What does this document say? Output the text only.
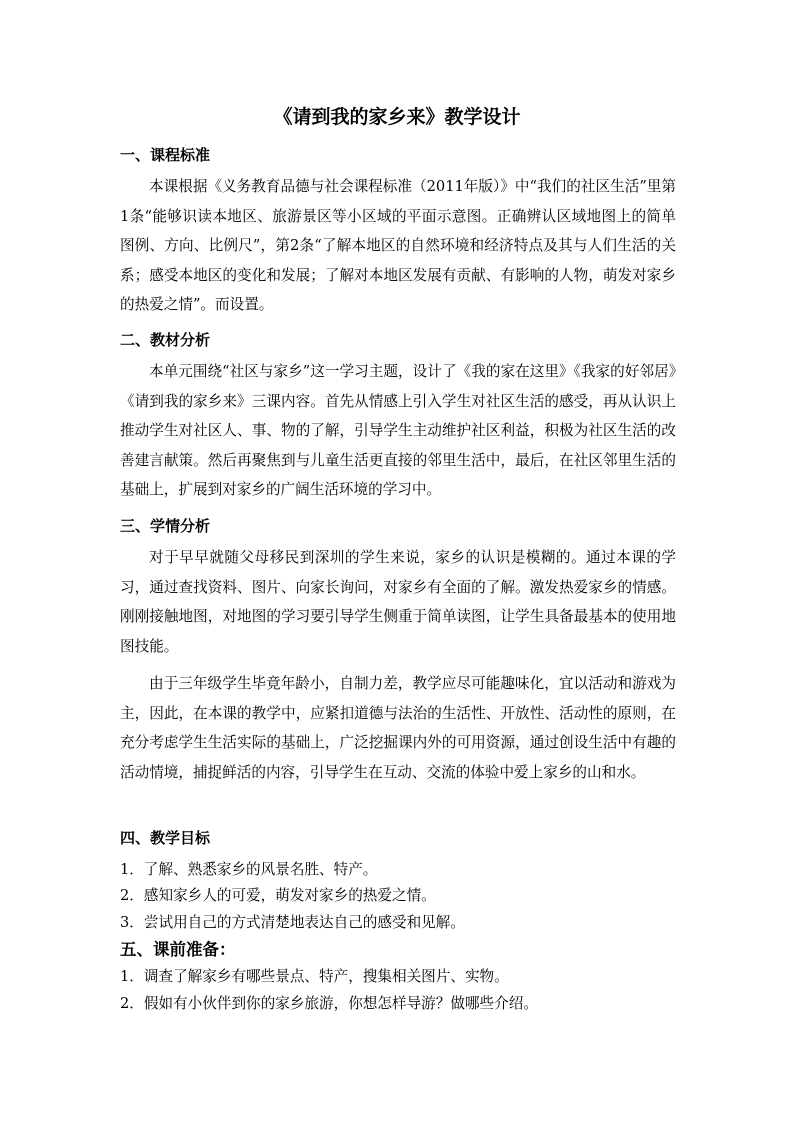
《请到我的家乡来》教学设计
一、课程标准

本课根据《义务教育品德与社会课程标准（2011年版）》中“我们的社区生活”里第1条“能够识读本地区、旅游景区等小区域的平面示意图。正确辨认区域地图上的简单图例、方向、比例尺”，第2条“了解本地区的自然环境和经济特点及其与人们生活的关系；感受本地区的变化和发展；了解对本地区发展有贡献、有影响的人物，萌发对家乡的热爱之情”。而设置。

二、教材分析

本单元围绕“社区与家乡”这一学习主题，设计了《我的家在这里》《我家的好邻居》《请到我的家乡来》三课内容。首先从情感上引入学生对社区生活的感受，再从认识上推动学生对社区人、事、物的了解，引导学生主动维护社区利益，积极为社区生活的改善建言献策。然后再聚焦到与儿童生活更直接的邻里生活中，最后，在社区邻里生活的基础上，扩展到对家乡的广阔生活环境的学习中。

三、学情分析

对于早早就随父母移民到深圳的学生来说，家乡的认识是模糊的。通过本课的学习，通过查找资料、图片、向家长询问，对家乡有全面的了解。激发热爱家乡的情感。刚刚接触地图，对地图的学习要引导学生侧重于简单读图，让学生具备最基本的使用地图技能。

由于三年级学生毕竟年龄小，自制力差，教学应尽可能趣味化，宜以活动和游戏为主，因此，在本课的教学中，应紧扣道德与法治的生活性、开放性、活动性的原则，在充分考虑学生生活实际的基础上，广泛挖掘课内外的可用资源，通过创设生活中有趣的活动情境，捕捉鲜活的内容，引导学生在互动、交流的体验中爱上家乡的山和水。

四、教学目标
1．了解、熟悉家乡的风景名胜、特产。
2．感知家乡人的可爱，萌发对家乡的热爱之情。
3．尝试用自己的方式清楚地表达自己的感受和见解。
五、课前准备：
1．调查了解家乡有哪些景点、特产，搜集相关图片、实物。
2．假如有小伙伴到你的家乡旅游，你想怎样导游？做哪些介绍。
